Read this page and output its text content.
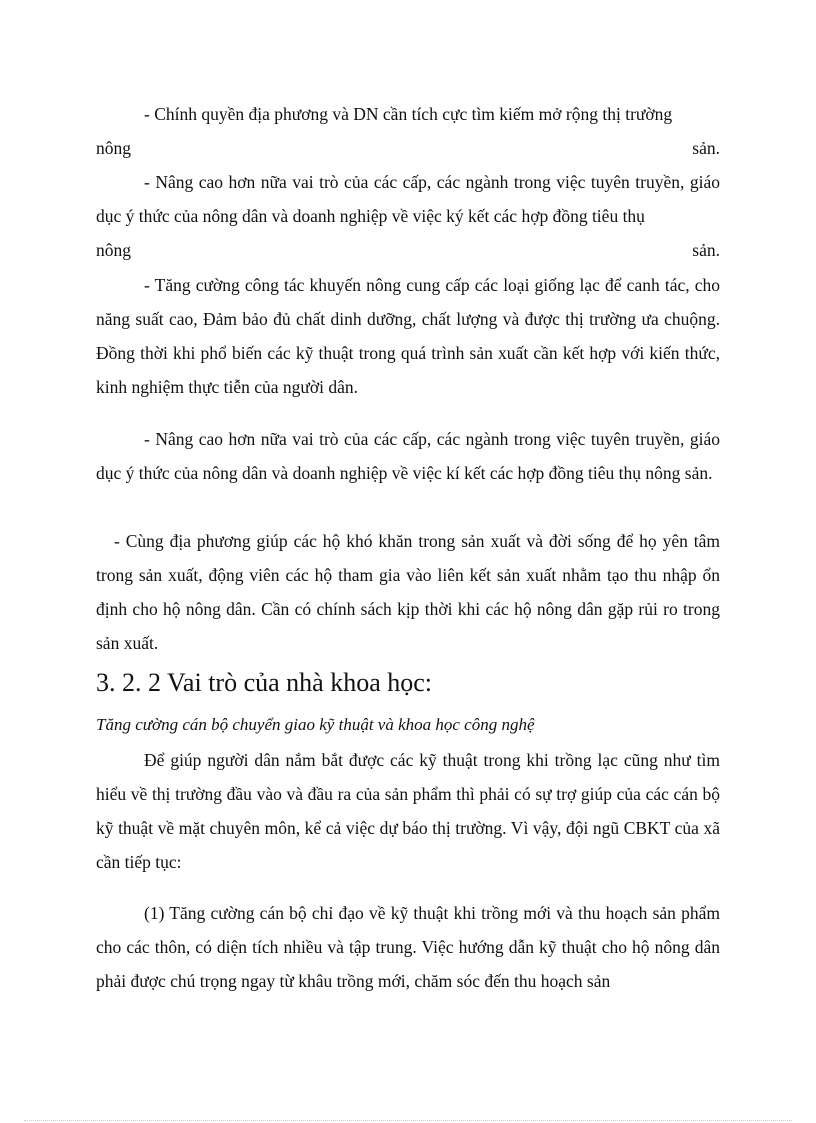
- Chính quyền địa phương và DN cần tích cực tìm kiếm mở rộng thị trường

nông	sản.

- Nâng cao hơn nữa vai trò của các cấp, các ngành trong việc tuyên truyền, giáo dục ý thức của nông dân và doanh nghiệp về việc ký kết các hợp đồng tiêu thụ

nông	sản.

- Tăng cường công tác khuyến nông cung cấp các loại giống lạc để canh tác, cho năng suất cao, Đảm bảo đủ chất dinh dưỡng, chất lượng và được thị trường ưa chuộng. Đồng thời khi phổ biến các kỹ thuật trong quá trình sản xuất cần kết hợp với kiến thức, kinh nghiệm thực tiễn của người dân.

- Nâng cao hơn nữa vai trò của các cấp, các ngành trong việc tuyên truyền, giáo dục ý thức của nông dân và doanh nghiệp về việc kí kết các hợp đồng tiêu thụ nông sản.

- Cùng địa phương giúp các hộ khó khăn trong sản xuất và đời sống để họ yên tâm trong sản xuất, động viên các hộ tham gia vào liên kết sản xuất nhằm tạo thu nhập ổn định cho hộ nông dân. Cần có chính sách kịp thời khi các hộ nông dân gặp rủi ro trong sản xuất.

3. 2. 2 Vai trò của nhà khoa học:

Tăng cường cán bộ chuyển giao kỹ thuật và khoa học công nghệ

Để giúp người dân nắm bắt được các kỹ thuật trong khi trồng lạc cũng như tìm hiểu về thị trường đầu vào và đầu ra của sản phẩm thì phải có sự trợ giúp của các cán bộ kỹ thuật về mặt chuyên môn, kể cả việc dự báo thị trường. Vì vậy, đội ngũ CBKT của xã cần tiếp tục:

(1) Tăng cường cán bộ chỉ đạo về kỹ thuật khi trồng mới và thu hoạch sản phẩm cho các thôn, có diện tích nhiều và tập trung. Việc hướng dẫn kỹ thuật cho hộ nông dân phải được chú trọng ngay từ khâu trồng mới, chăm sóc đến thu hoạch sản
